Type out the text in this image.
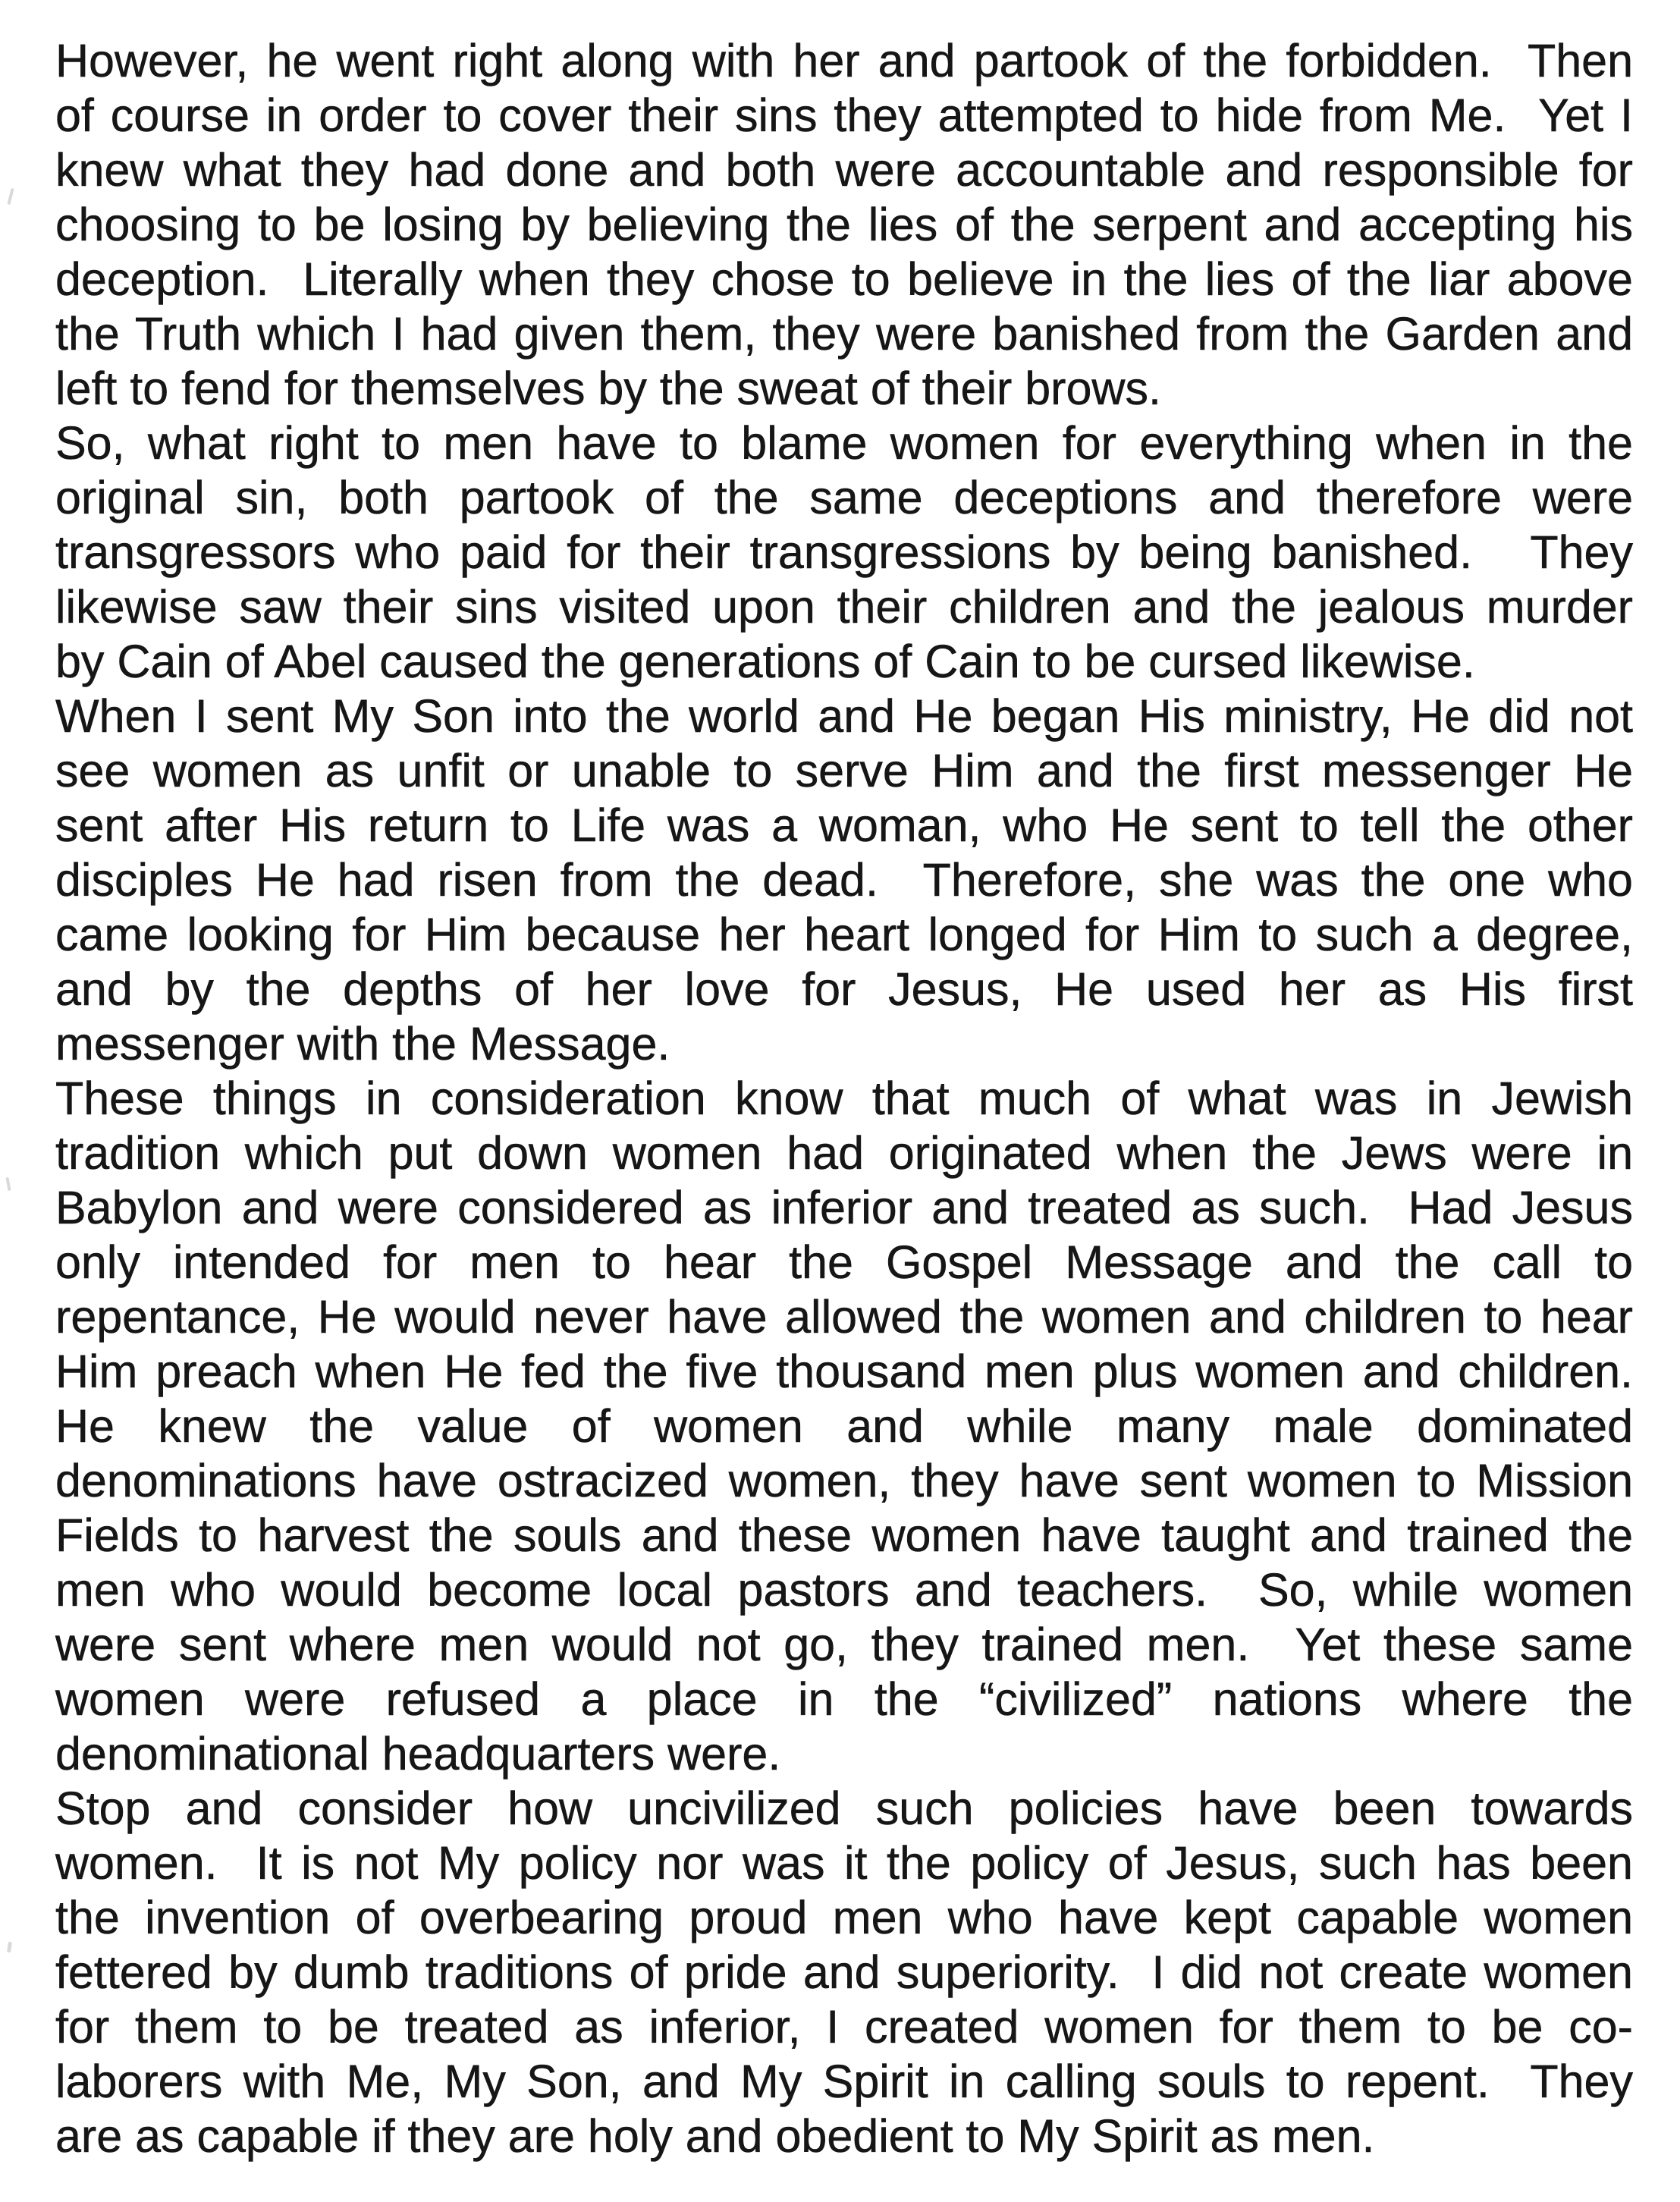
However, he went right along with her and partook of the forbidden.  Then
of course in order to cover their sins they attempted to hide from Me.  Yet I
knew what they had done and both were accountable and responsible for
choosing to be losing by believing the lies of the serpent and accepting his
deception.  Literally when they chose to believe in the lies of the liar above
the Truth which I had given them, they were banished from the Garden and
left to fend for themselves by the sweat of their brows.
So, what right to men have to blame women for everything when in the
original sin, both partook of the same deceptions and therefore were
transgressors who paid for their transgressions by being banished.   They
likewise saw their sins visited upon their children and the jealous murder
by Cain of Abel caused the generations of Cain to be cursed likewise.
When I sent My Son into the world and He began His ministry, He did not
see women as unfit or unable to serve Him and the first messenger He
sent after His return to Life was a woman, who He sent to tell the other
disciples He had risen from the dead.  Therefore, she was the one who
came looking for Him because her heart longed for Him to such a degree,
and by the depths of her love for Jesus, He used her as His first
messenger with the Message.
These things in consideration know that much of what was in Jewish
tradition which put down women had originated when the Jews were in
Babylon and were considered as inferior and treated as such.  Had Jesus
only intended for men to hear the Gospel Message and the call to
repentance, He would never have allowed the women and children to hear
Him preach when He fed the five thousand men plus women and children.
He knew the value of women and while many male dominated
denominations have ostracized women, they have sent women to Mission
Fields to harvest the souls and these women have taught and trained the
men who would become local pastors and teachers.  So, while women
were sent where men would not go, they trained men.  Yet these same
women were refused a place in the “civilized” nations where the
denominational headquarters were.
Stop and consider how uncivilized such policies have been towards
women.  It is not My policy nor was it the policy of Jesus, such has been
the invention of overbearing proud men who have kept capable women
fettered by dumb traditions of pride and superiority.  I did not create women
for them to be treated as inferior, I created women for them to be co-
laborers with Me, My Son, and My Spirit in calling souls to repent.  They
are as capable if they are holy and obedient to My Spirit as men.
